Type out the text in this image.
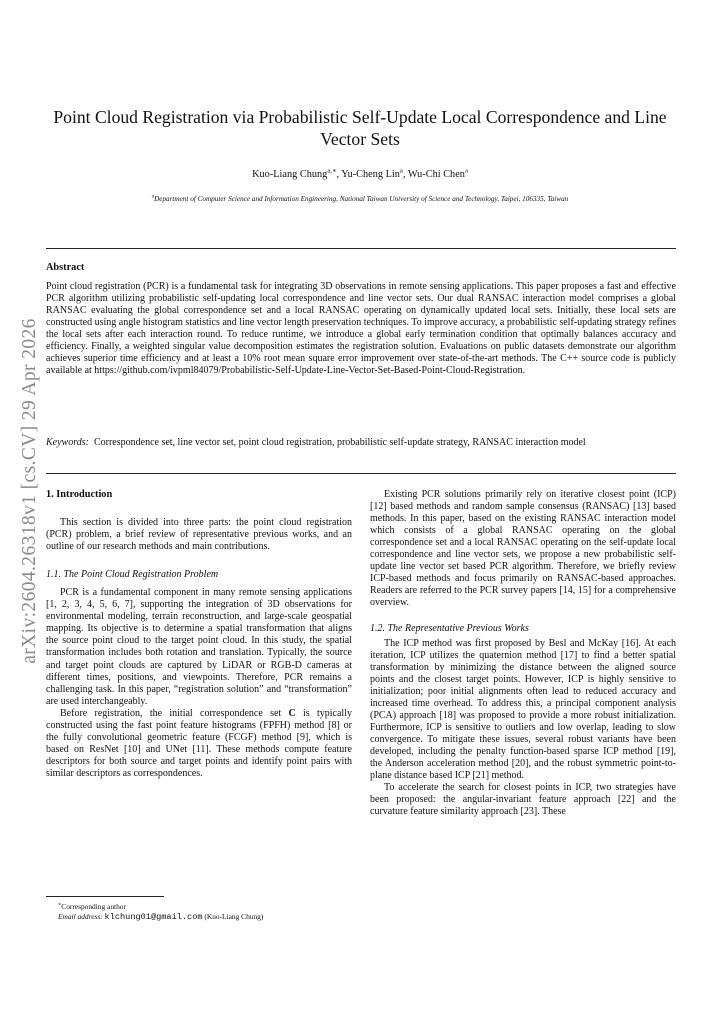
arXiv:2604.26318v1 [cs.CV] 29 Apr 2026
Point Cloud Registration via Probabilistic Self-Update Local Correspondence and Line Vector Sets
Kuo-Liang Chung$^{a,∗}$, Yu-Cheng Lin$^a$, Wu-Chi Chen$^a$
$^a$Department of Computer Science and Information Engineering, National Taiwan University of Science and Technology, Taipei, 106335, Taiwan
Abstract
Point cloud registration (PCR) is a fundamental task for integrating 3D observations in remote sensing applications. This paper proposes a fast and effective PCR algorithm utilizing probabilistic self-updating local correspondence and line vector sets. Our dual RANSAC interaction model comprises a global RANSAC evaluating the global correspondence set and a local RANSAC operating on dynamically updated local sets. Initially, these local sets are constructed using angle histogram statistics and line vector length preservation techniques. To improve accuracy, a probabilistic self-updating strategy refines the local sets after each interaction round. To reduce runtime, we introduce a global early termination condition that optimally balances accuracy and efficiency. Finally, a weighted singular value decomposition estimates the registration solution. Evaluations on public datasets demonstrate our algorithm achieves superior time efficiency and at least a 10% root mean square error improvement over state-of-the-art methods. The C++ source code is publicly available at https://github.com/ivpml84079/Probabilistic-Self-Update-Line-Vector-Set-Based-Point-Cloud-Registration.
Keywords: Correspondence set, line vector set, point cloud registration, probabilistic self-update strategy, RANSAC interaction model
1. Introduction

This section is divided into three parts: the point cloud registration (PCR) problem, a brief review of representative previous works, and an outline of our research methods and main contributions.

1.1. The Point Cloud Registration Problem

PCR is a fundamental component in many remote sensing applications [1, 2, 3, 4, 5, 6, 7], supporting the integration of 3D observations for environmental modeling, terrain reconstruction, and large-scale geospatial mapping. Its objective is to determine a spatial transformation that aligns the source point cloud to the target point cloud. In this study, the spatial transformation includes both rotation and translation. Typically, the source and target point clouds are captured by LiDAR or RGB-D cameras at different times, positions, and viewpoints. Therefore, PCR remains a challenging task. In this paper, “registration solution” and “transformation” are used interchangeably.

Before registration, the initial correspondence set C is typically constructed using the fast point feature histograms (FPFH) method [8] or the fully convolutional geometric feature (FCGF) method [9], which is based on ResNet [10] and UNet [11]. These methods compute feature descriptors for both source and target points and identify point pairs with similar descriptors as correspondences.

Existing PCR solutions primarily rely on iterative closest point (ICP) [12] based methods and random sample consensus (RANSAC) [13] based methods. In this paper, based on the existing RANSAC interaction model which consists of a global RANSAC operating on the global correspondence set and a local RANSAC operating on the self-update local correspondence and line vector sets, we propose a new probabilistic self-update line vector set based PCR algorithm. Therefore, we briefly review ICP-based methods and focus primarily on RANSAC-based approaches. Readers are referred to the PCR survey papers [14, 15] for a comprehensive overview.

1.2. The Representative Previous Works

The ICP method was first proposed by Besl and McKay [16]. At each iteration, ICP utilizes the quaternion method [17] to find a better spatial transformation by minimizing the distance between the aligned source points and the closest target points. However, ICP is highly sensitive to initialization; poor initial alignments often lead to reduced accuracy and increased time overhead. To address this, a principal component analysis (PCA) approach [18] was proposed to provide a more robust initialization. Furthermore, ICP is sensitive to outliers and low overlap, leading to slow convergence. To mitigate these issues, several robust variants have been developed, including the penalty function-based sparse ICP method [19], the Anderson acceleration method [20], and the robust symmetric point-to-plane distance based ICP [21] method.

To accelerate the search for closest points in ICP, two strategies have been proposed: the angular-invariant feature approach [22] and the curvature feature similarity approach [23]. These

∗Corresponding author
Email address: klchung01@gmail.com (Kuo-Liang Chung)
